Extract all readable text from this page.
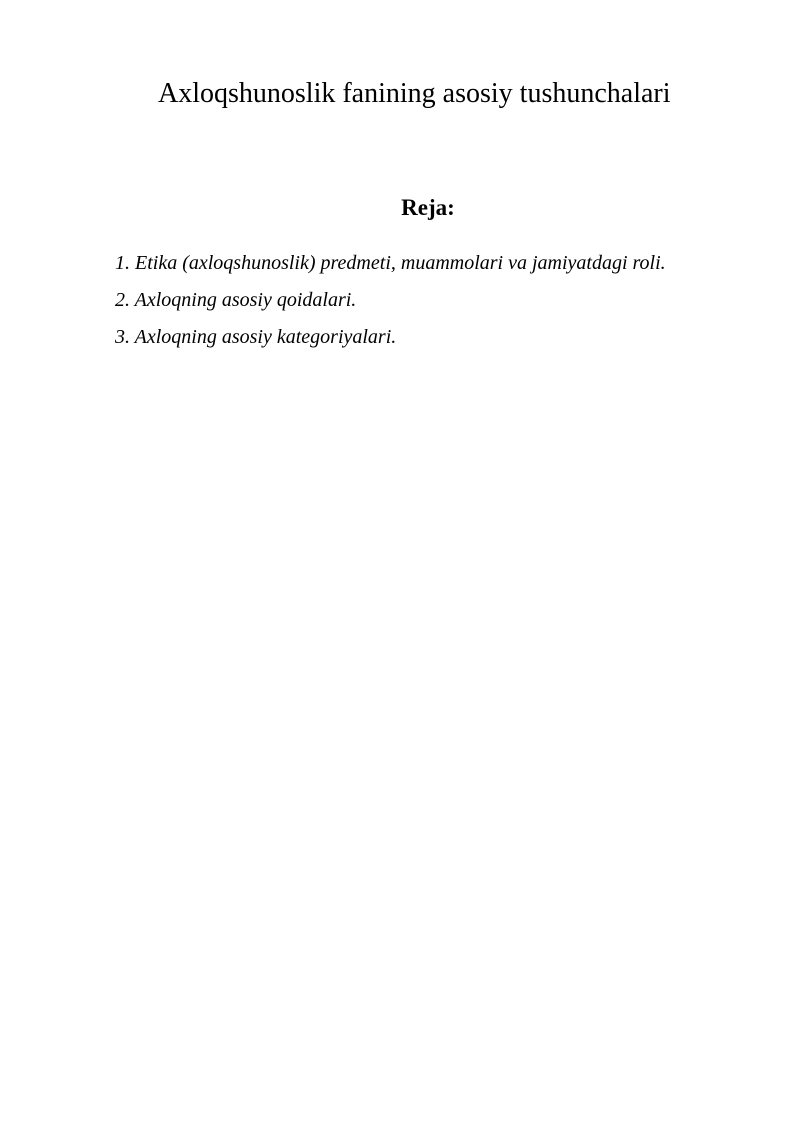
Axloqshunoslik fanining asosiy tushunchalari
Reja:
1. Etika (axloqshunoslik) predmeti, muammolari va jamiyatdagi roli.
2. Axloqning asosiy qoidalari.
3. Axloqning asosiy kategoriyalari.
